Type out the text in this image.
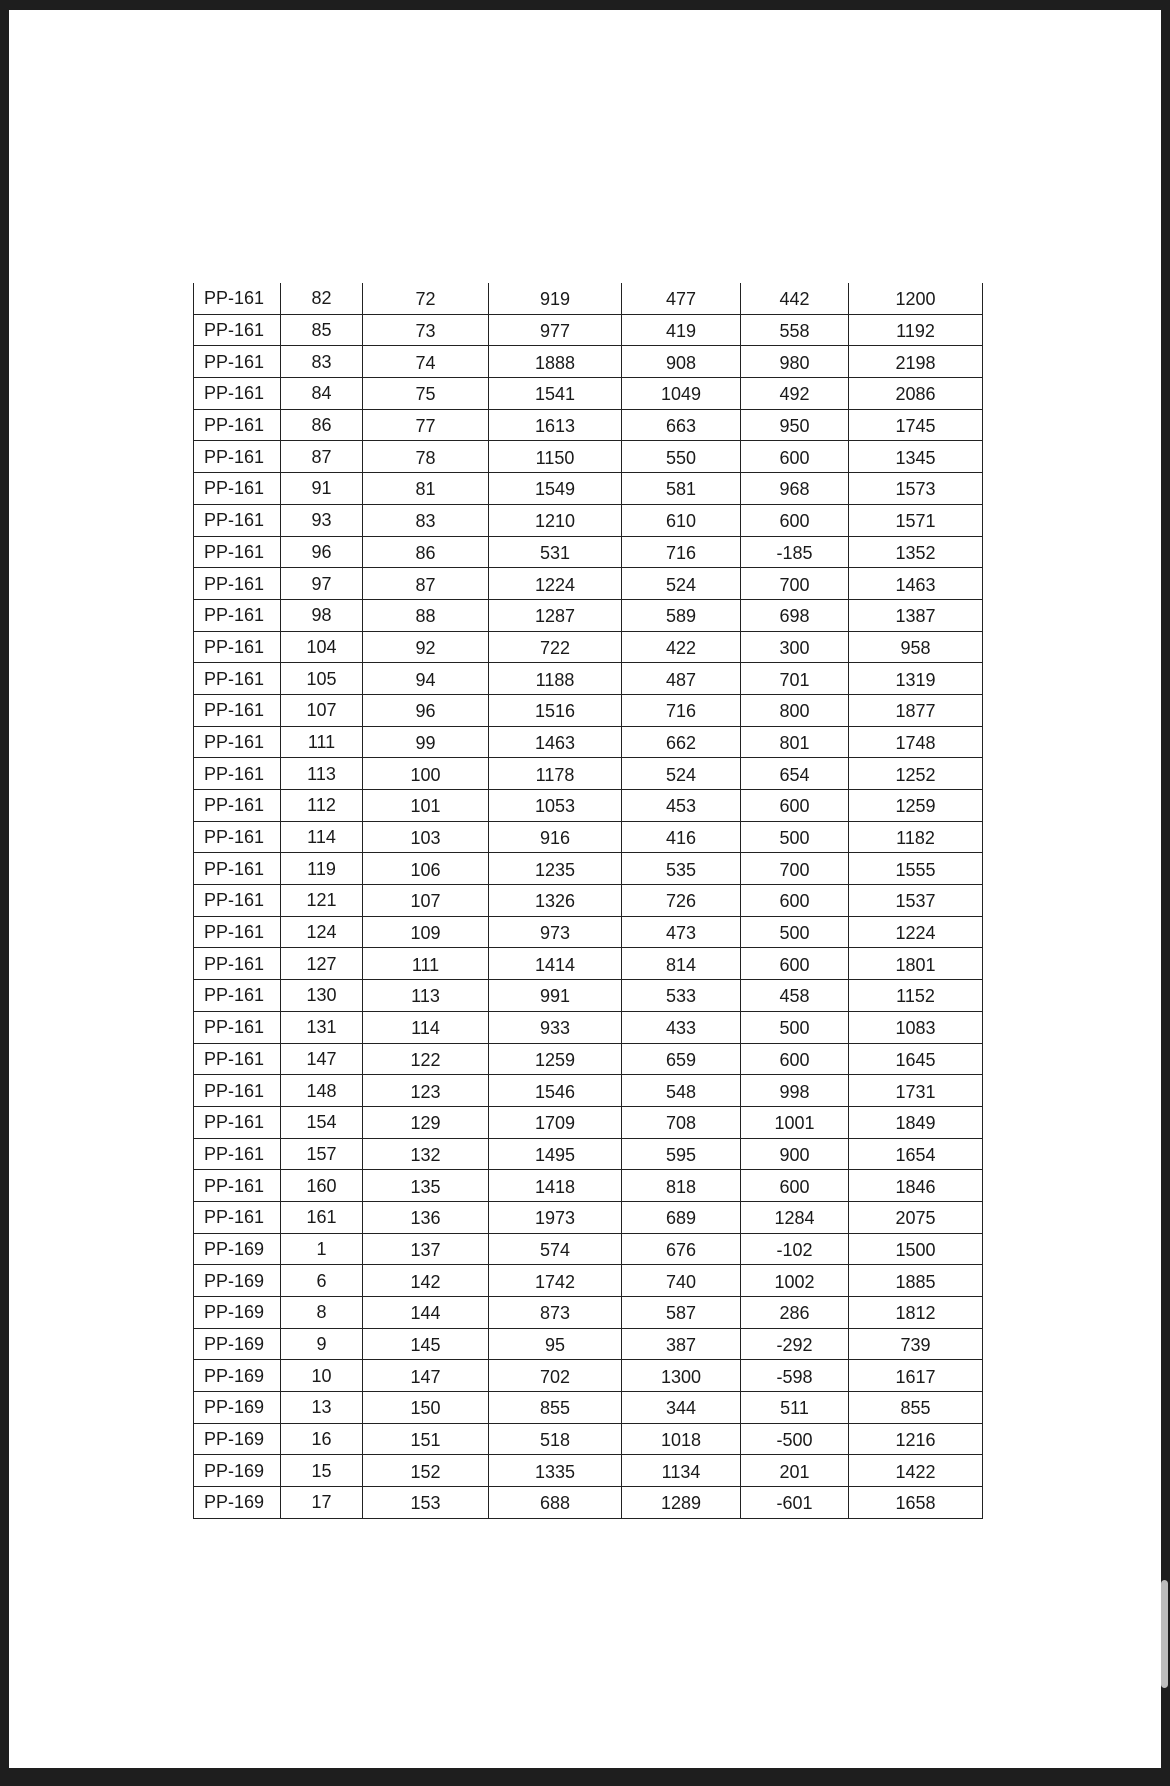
PP-161	82	72	919	477	442	1200
PP-161	85	73	977	419	558	1192
PP-161	83	74	1888	908	980	2198
PP-161	84	75	1541	1049	492	2086
PP-161	86	77	1613	663	950	1745
PP-161	87	78	1150	550	600	1345
PP-161	91	81	1549	581	968	1573
PP-161	93	83	1210	610	600	1571
PP-161	96	86	531	716	-185	1352
PP-161	97	87	1224	524	700	1463
PP-161	98	88	1287	589	698	1387
PP-161	104	92	722	422	300	958
PP-161	105	94	1188	487	701	1319
PP-161	107	96	1516	716	800	1877
PP-161	111	99	1463	662	801	1748
PP-161	113	100	1178	524	654	1252
PP-161	112	101	1053	453	600	1259
PP-161	114	103	916	416	500	1182
PP-161	119	106	1235	535	700	1555
PP-161	121	107	1326	726	600	1537
PP-161	124	109	973	473	500	1224
PP-161	127	111	1414	814	600	1801
PP-161	130	113	991	533	458	1152
PP-161	131	114	933	433	500	1083
PP-161	147	122	1259	659	600	1645
PP-161	148	123	1546	548	998	1731
PP-161	154	129	1709	708	1001	1849
PP-161	157	132	1495	595	900	1654
PP-161	160	135	1418	818	600	1846
PP-161	161	136	1973	689	1284	2075
PP-169	1	137	574	676	-102	1500
PP-169	6	142	1742	740	1002	1885
PP-169	8	144	873	587	286	1812
PP-169	9	145	95	387	-292	739
PP-169	10	147	702	1300	-598	1617
PP-169	13	150	855	344	511	855
PP-169	16	151	518	1018	-500	1216
PP-169	15	152	1335	1134	201	1422
PP-169	17	153	688	1289	-601	1658
